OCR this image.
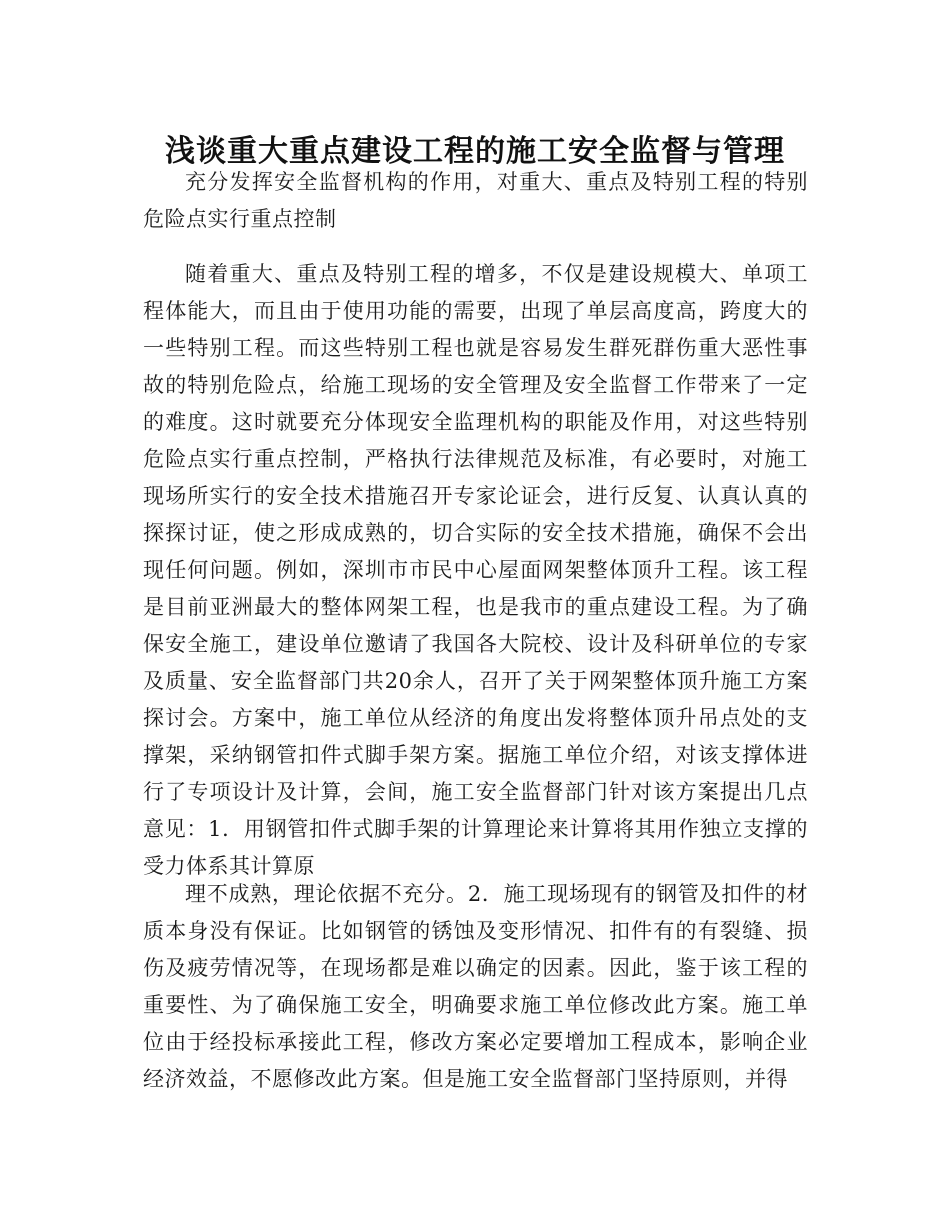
浅谈重大重点建设工程的施工安全监督与管理

充分发挥安全监督机构的作用，对重大、重点及特别工程的特别危险点实行重点控制

随着重大、重点及特别工程的增多，不仅是建设规模大、单项工程体能大，而且由于使用功能的需要，出现了单层高度高，跨度大的一些特别工程。而这些特别工程也就是容易发生群死群伤重大恶性事故的特别危险点，给施工现场的安全管理及安全监督工作带来了一定的难度。这时就要充分体现安全监理机构的职能及作用，对这些特别危险点实行重点控制，严格执行法律规范及标准，有必要时，对施工现场所实行的安全技术措施召开专家论证会，进行反复、认真认真的探探讨证，使之形成成熟的，切合实际的安全技术措施，确保不会出现任何问题。例如，深圳市市民中心屋面网架整体顶升工程。该工程是目前亚洲最大的整体网架工程，也是我市的重点建设工程。为了确保安全施工，建设单位邀请了我国各大院校、设计及科研单位的专家及质量、安全监督部门共20余人，召开了关于网架整体顶升施工方案探讨会。方案中，施工单位从经济的角度出发将整体顶升吊点处的支撑架，采纳钢管扣件式脚手架方案。据施工单位介绍，对该支撑体进行了专项设计及计算，会间，施工安全监督部门针对该方案提出几点意见：1．用钢管扣件式脚手架的计算理论来计算将其用作独立支撑的受力体系其计算原

理不成熟，理论依据不充分。2．施工现场现有的钢管及扣件的材质本身没有保证。比如钢管的锈蚀及变形情况、扣件有的有裂缝、损伤及疲劳情况等，在现场都是难以确定的因素。因此，鉴于该工程的重要性、为了确保施工安全，明确要求施工单位修改此方案。施工单位由于经投标承接此工程，修改方案必定要增加工程成本，影响企业经济效益，不愿修改此方案。但是施工安全监督部门坚持原则，并得
